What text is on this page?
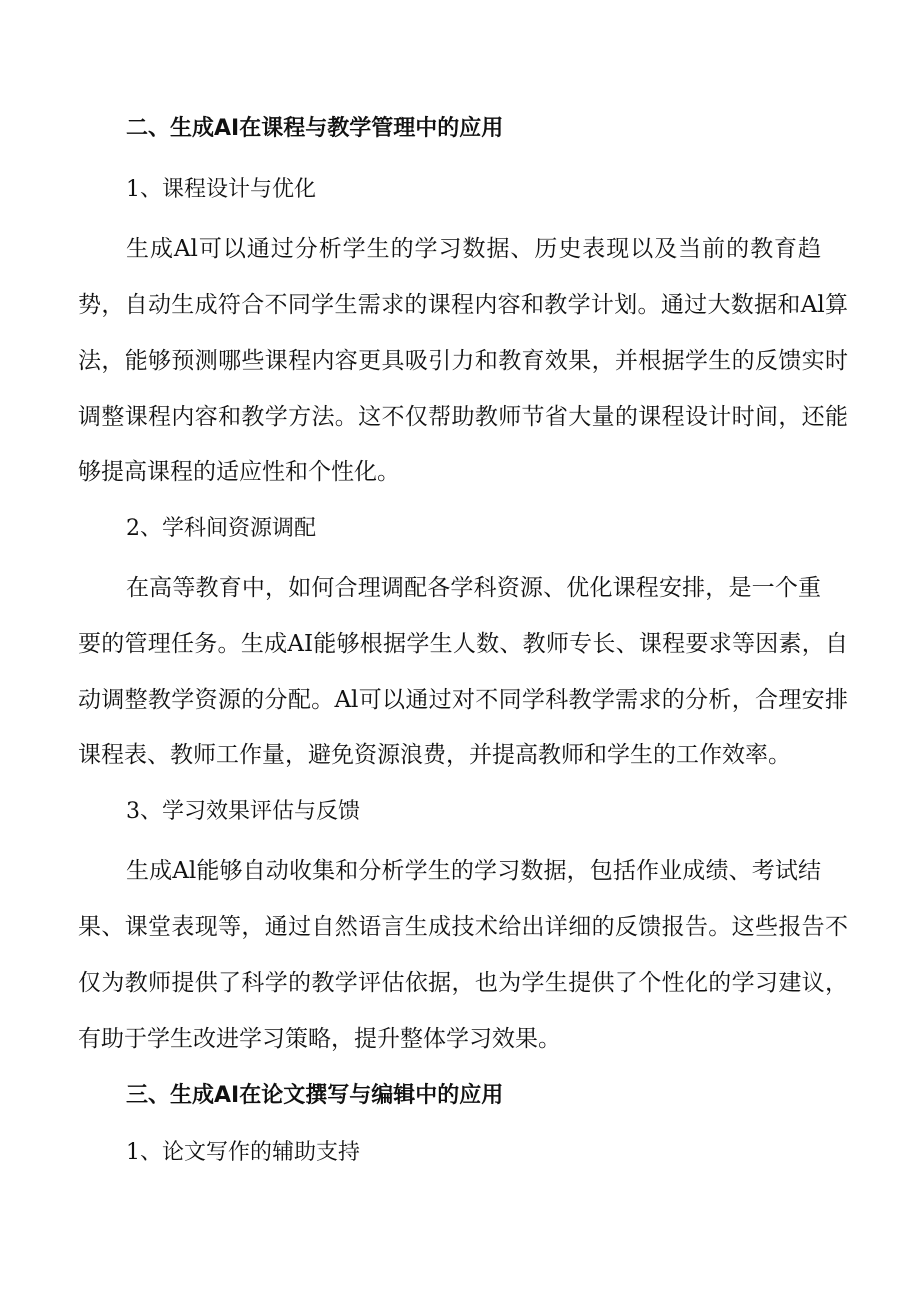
二、生成AI在课程与教学管理中的应用

1、课程设计与优化

生成Al可以通过分析学生的学习数据、历史表现以及当前的教育趋

势，自动生成符合不同学生需求的课程内容和教学计划。通过大数据和Al算

法，能够预测哪些课程内容更具吸引力和教育效果，并根据学生的反馈实时

调整课程内容和教学方法。这不仅帮助教师节省大量的课程设计时间，还能

够提高课程的适应性和个性化。

2、学科间资源调配

在高等教育中，如何合理调配各学科资源、优化课程安排，是一个重

要的管理任务。生成AI能够根据学生人数、教师专长、课程要求等因素，自

动调整教学资源的分配。Al可以通过对不同学科教学需求的分析，合理安排

课程表、教师工作量，避免资源浪费，并提高教师和学生的工作效率。

3、学习效果评估与反馈

生成Al能够自动收集和分析学生的学习数据，包括作业成绩、考试结

果、课堂表现等，通过自然语言生成技术给出详细的反馈报告。这些报告不

仅为教师提供了科学的教学评估依据，也为学生提供了个性化的学习建议，

有助于学生改进学习策略，提升整体学习效果。

三、生成AI在论文撰写与编辑中的应用

1、论文写作的辅助支持
